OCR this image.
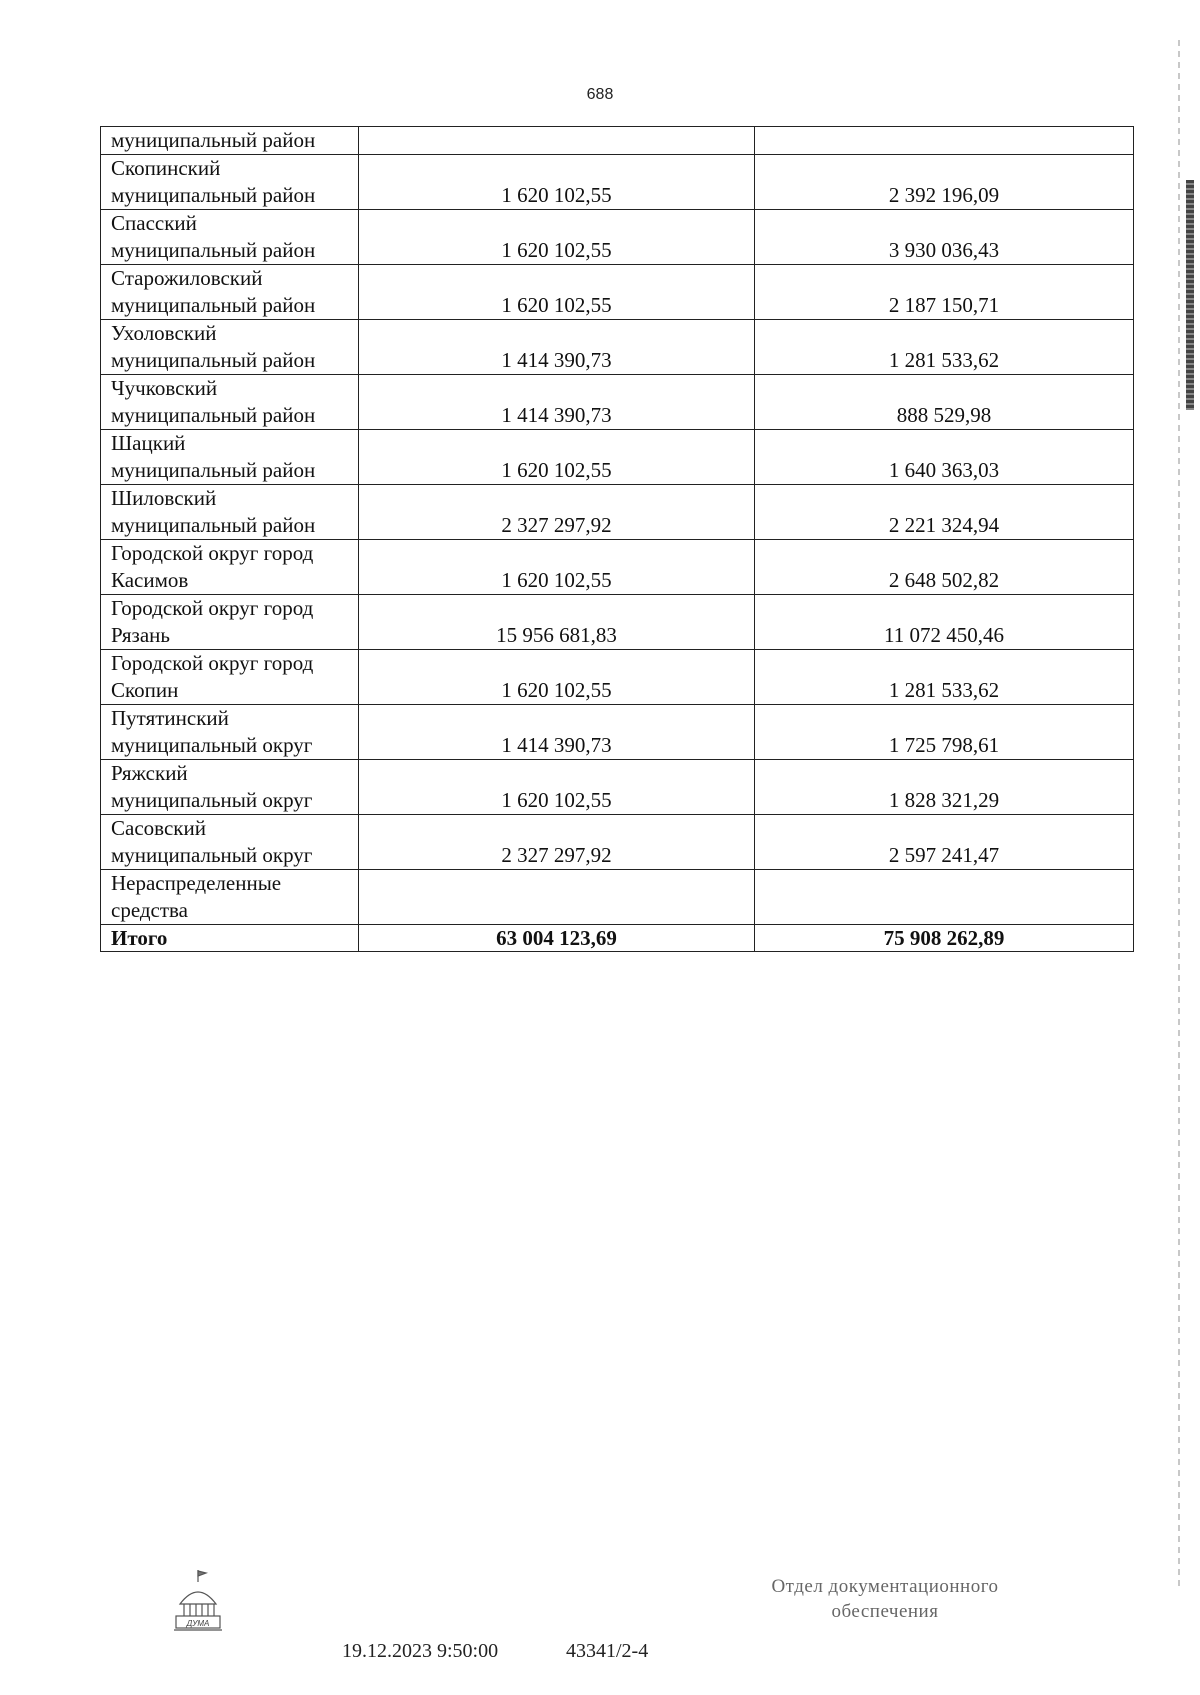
688
муниципальный район		

Скопинский
муниципальный район	1 620 102,55	2 392 196,09

Спасский
муниципальный район	1 620 102,55	3 930 036,43

Старожиловский
муниципальный район	1 620 102,55	2 187 150,71

Ухоловский
муниципальный район	1 414 390,73	1 281 533,62

Чучковский
муниципальный район	1 414 390,73	888 529,98

Шацкий
муниципальный район	1 620 102,55	1 640 363,03

Шиловский
муниципальный район	2 327 297,92	2 221 324,94

Городской округ город
Касимов	1 620 102,55	2 648 502,82

Городской округ город
Рязань	15 956 681,83	11 072 450,46

Городской округ город
Скопин	1 620 102,55	1 281 533,62

Путятинский
муниципальный округ	1 414 390,73	1 725 798,61

Ряжский
муниципальный округ	1 620 102,55	1 828 321,29

Сасовский
муниципальный округ	2 327 297,92	2 597 241,47

Нераспределенные
средства		

Итого	63 004 123,69	75 908 262,89
ДУМА
19.12.2023 9:50:00	43341/2-4
Отдел документационного
обеспечения
